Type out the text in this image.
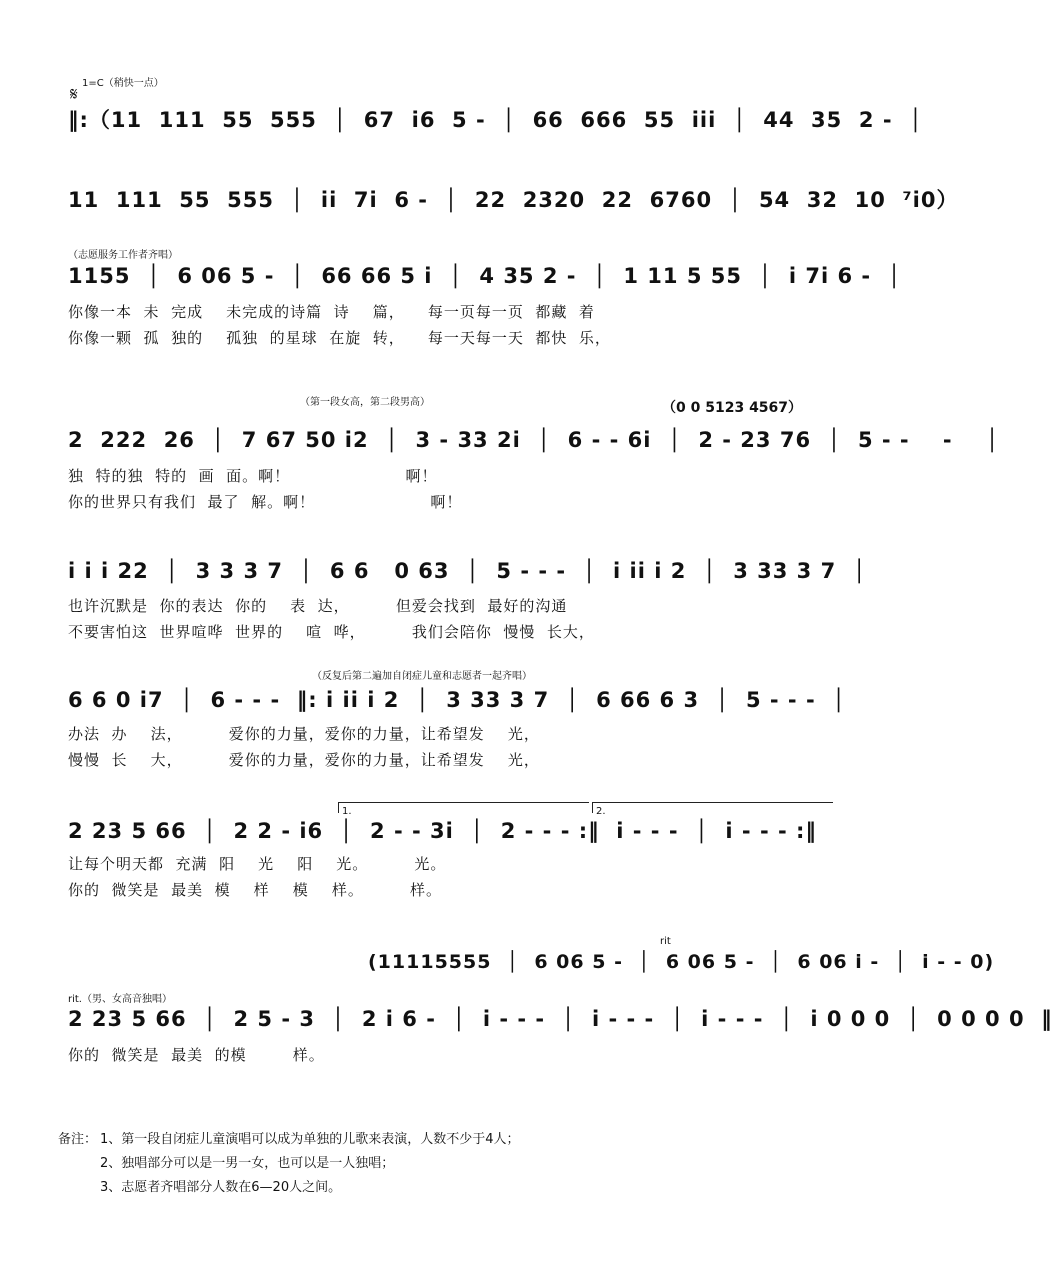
1=C（稍快一点）
𝄋
‖:（11  111  55  555  │  67  i6  5 -  │  66  666  55  iii  │  44  35  2 -  │
11  111  55  555  │  ii  7i  6 -  │  22  2320  22  6760  │  54  32  10  ⁷i0）
（志愿服务工作者齐唱）
1155  │  6 06 5 -  │  66 66 5 i  │  4 35 2 -  │  1 11 5 55  │  i 7i 6 -  │
你像一本  未  完成    未完成的诗篇  诗    篇，    每一页每一页  都藏  着
你像一颗  孤  独的    孤独  的星球  在旋  转，    每一天每一天  都快  乐，
（第一段女高，第二段男高）	（0 0 5123 4567）
2  222  26  │  7 67 50 i2  │  3 - 33 2i  │  6 - - 6i  │  2 - 23 76  │  5 - -    -    │
独  特的独  特的  画  面。啊！                    啊！
你的世界只有我们  最了  解。啊！                    啊！
i i i 22  │  3 3 3 7  │  6 6   0 63  │  5 - - -  │  i ii i 2  │  3 33 3 7  │
也许沉默是  你的表达  你的    表  达，        但爱会找到  最好的沟通
不要害怕这  世界喧哗  世界的    喧  哗，        我们会陪你  慢慢  长大，
（反复后第二遍加自闭症儿童和志愿者一起齐唱）
6 6 0 i7  │  6 - - -  ‖: i ii i 2  │  3 33 3 7  │  6 66 6 3  │  5 - - -  │
办法  办    法，        爱你的力量，爱你的力量，让希望发    光，
慢慢  长    大，        爱你的力量，爱你的力量，让希望发    光，
1.	2.
2 23 5 66  │  2 2 - i6  │  2 - - 3i  │  2 - - - :‖  i - - -  │  i - - - :‖
让每个明天都  充满  阳    光    阳    光。        光。
你的  微笑是  最美  模    样    模    样。        样。
rit
(11115555  │  6 06 5 -  │  6 06 5 -  │  6 06 i -  │  i - - 0)
rit.（男、女高音独唱）
2 23 5 66  │  2 5 - 3  │  2 i 6 -  │  i - - -  │  i - - -  │  i - - -  │  i 0 0 0  │  0 0 0 0  ‖
你的  微笑是  最美  的模        样。
备注： 1、第一段自闭症儿童演唱可以成为单独的儿歌来表演，人数不少于4人；
2、独唱部分可以是一男一女，也可以是一人独唱；
3、志愿者齐唱部分人数在6—20人之间。
